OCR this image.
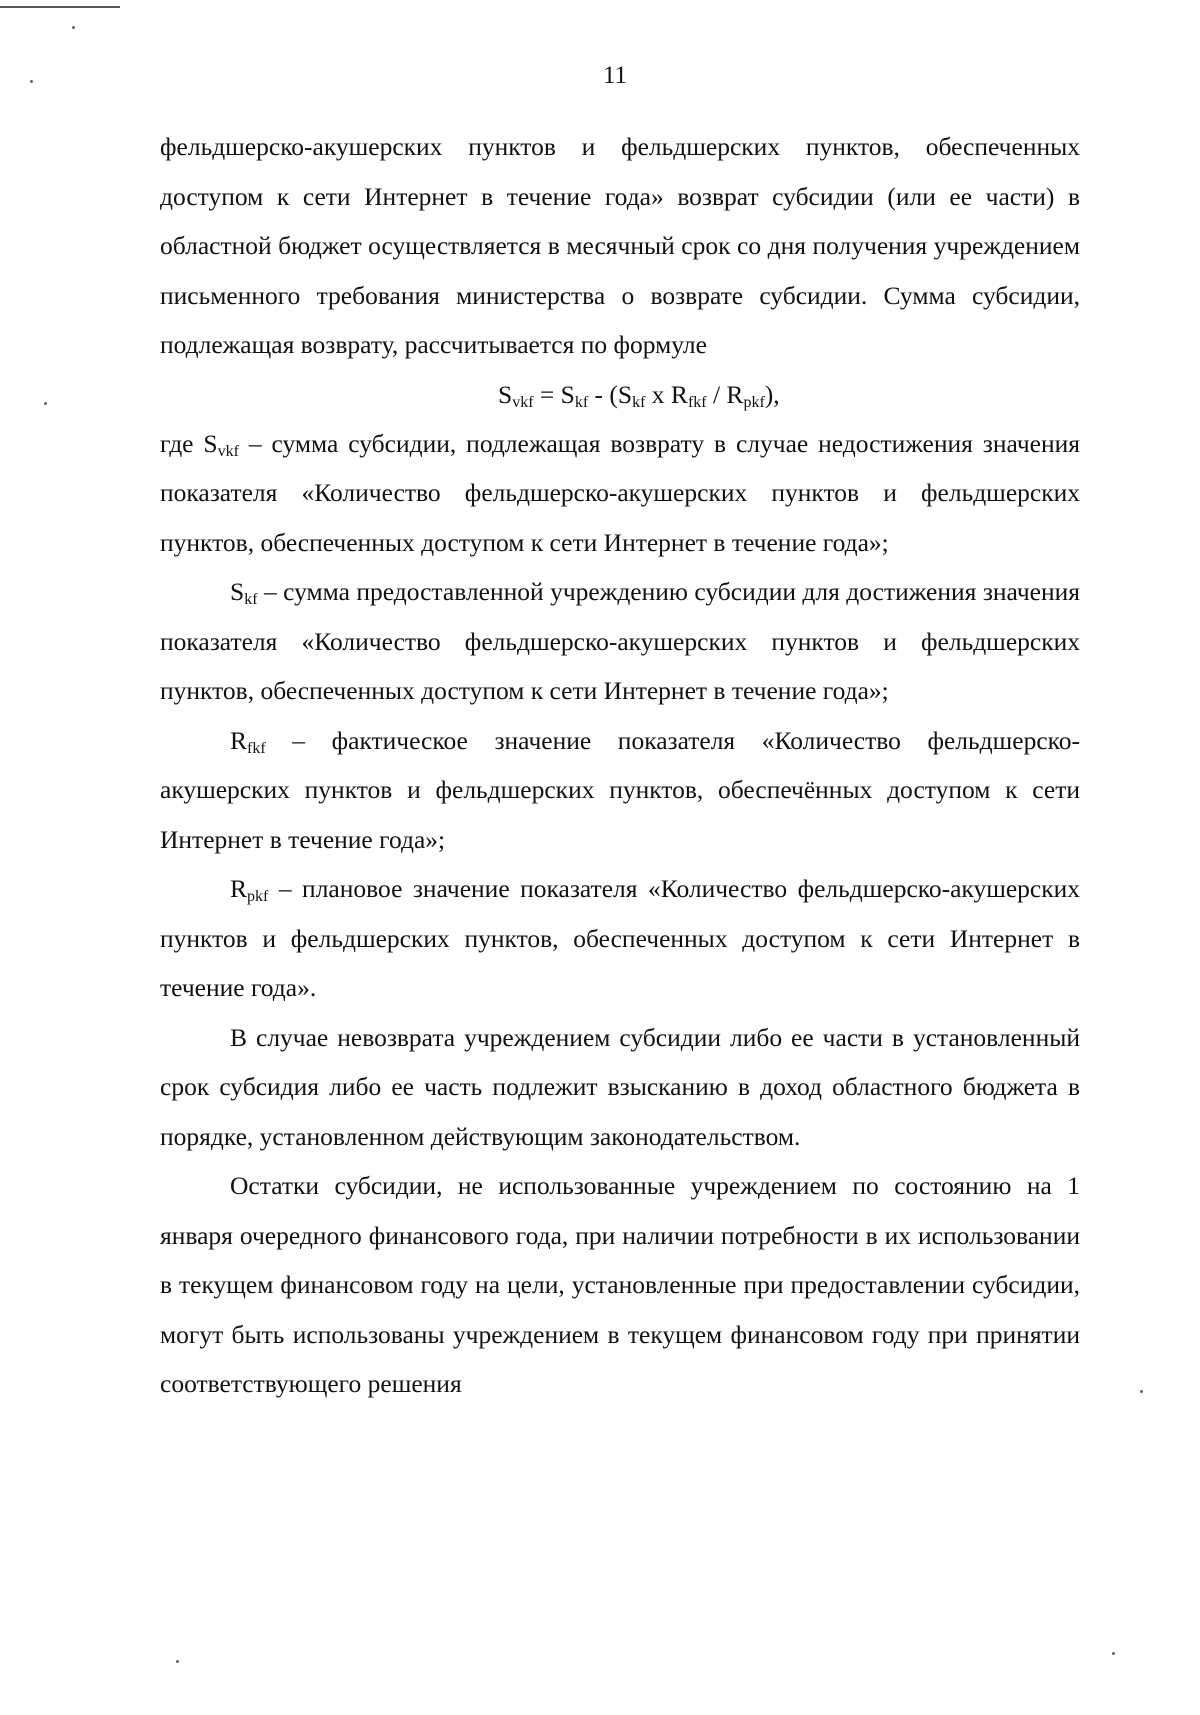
11

фельдшерско-акушерских пунктов и фельдшерских пунктов, обеспеченных доступом к сети Интернет в течение года» возврат субсидии (или ее части) в областной бюджет осуществляется в месячный срок со дня получения учреждением письменного требования министерства о возврате субсидии. Сумма субсидии, подлежащая возврату, рассчитывается по формуле

$S_{vkf} = S_{kf} - (S_{kf}$ x $R_{fkf} / R_{pkf}$),

где $S_{vkf}$ – сумма субсидии, подлежащая возврату в случае недостижения значения показателя «Количество фельдшерско-акушерских пунктов и фельдшерских пунктов, обеспеченных доступом к сети Интернет в течение года»;

$S_{kf}$ – сумма предоставленной учреждению субсидии для достижения значения показателя «Количество фельдшерско-акушерских пунктов и фельдшерских пунктов, обеспеченных доступом к сети Интернет в течение года»;

$R_{fkf}$ – фактическое значение показателя «Количество фельдшерско-акушерских пунктов и фельдшерских пунктов, обеспечённых доступом к сети Интернет в течение года»;

$R_{pkf}$ – плановое значение показателя «Количество фельдшерско-акушерских пунктов и фельдшерских пунктов, обеспеченных доступом к сети Интернет в течение года».

В случае невозврата учреждением субсидии либо ее части в установленный срок субсидия либо ее часть подлежит взысканию в доход областного бюджета в порядке, установленном действующим законодательством.

Остатки субсидии, не использованные учреждением по состоянию на 1 января очередного финансового года, при наличии потребности в их использовании в текущем финансовом году на цели, установленные при предоставлении субсидии, могут быть использованы учреждением в текущем финансовом году при принятии соответствующего решения
